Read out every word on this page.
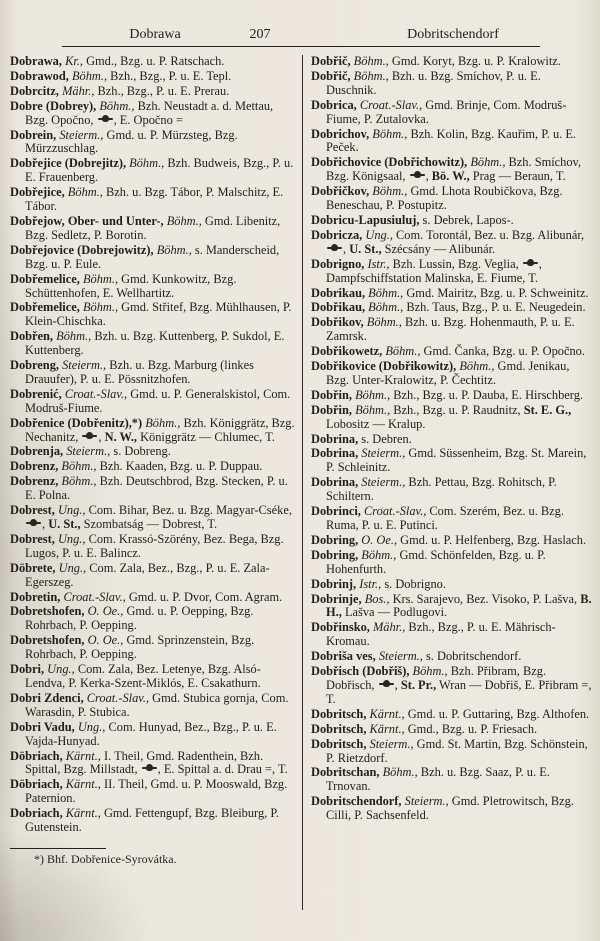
Dobrawa	207	Dobritschendorf
Dobrawa, Kr., Gmd., Bzg. u. P. Ratschach.
Dobrawod, Böhm., Bzh., Bzg., P. u. E. Tepl.
Dobrcitz, Mähr., Bzh., Bzg., P. u. E. Prerau.
Dobre (Dobrey), Böhm., Bzh. Neustadt a. d. Mettau, Bzg. Opočno, , E. Opočno =
Dobrein, Steierm., Gmd. u. P. Mürzsteg, Bzg. Mürzzuschlag.
Dobřejice (Dobrejitz), Böhm., Bzh. Budweis, Bzg., P. u. E. Frauenberg.
Dobřejice, Böhm., Bzh. u. Bzg. Tábor, P. Malschitz, E. Tábor.
Dobřejow, Ober- und Unter-, Böhm., Gmd. Libenitz, Bzg. Sedletz, P. Borotin.
Dobřejovice (Dobrejowitz), Böhm., s. Manderscheid, Bzg. u. P. Eule.
Dobřemelice, Böhm., Gmd. Kunkowitz, Bzg. Schüttenhofen, E. Wellhartitz.
Dobřemelice, Böhm., Gmd. Střitef, Bzg. Mühlhausen, P. Klein-Chischka.
Dobřen, Böhm., Bzh. u. Bzg. Kuttenberg, P. Sukdol, E. Kuttenberg.
Dobreng, Steierm., Bzh. u. Bzg. Marburg (linkes Drauufer), P. u. E. Pössnitzhofen.
Dobrenić, Croat.-Slav., Gmd. u. P. Generalskistol, Com. Modruš-Fiume.
Dobřenice (Dobřenitz),*) Böhm., Bzh. Königgrätz, Bzg. Nechanitz, , N. W., Königgrätz — Chlumec, T.
Dobrenja, Steierm., s. Dobreng.
Dobrenz, Böhm., Bzh. Kaaden, Bzg. u. P. Duppau.
Dobrenz, Böhm., Bzh. Deutschbrod, Bzg. Stecken, P. u. E. Polna.
Dobrest, Ung., Com. Bihar, Bez. u. Bzg. Magyar-Cséke, , U. St., Szombatság — Dobrest, T.
Dobrest, Ung., Com. Krassó-Szörény, Bez. Bega, Bzg. Lugos, P. u. E. Balincz.
Döbrete, Ung., Com. Zala, Bez., Bzg., P. u. E. Zala-Egerszeg.
Dobretin, Croat.-Slav., Gmd. u. P. Dvor, Com. Agram.
Dobretshofen, O. Oe., Gmd. u. P. Oepping, Bzg. Rohrbach, P. Oepping.
Dobretshofen, O. Oe., Gmd. Sprinzenstein, Bzg. Rohrbach, P. Oepping.
Dobri, Ung., Com. Zala, Bez. Letenye, Bzg. Alsó-Lendva, P. Kerka-Szent-Miklós, E. Csakathurn.
Dobri Zdenci, Croat.-Slav., Gmd. Stubica gornja, Com. Warasdin, P. Stubica.
Dobri Vadu, Ung., Com. Hunyad, Bez., Bzg., P. u. E. Vajda-Hunyad.
Döbriach, Kärnt., I. Theil, Gmd. Radenthein, Bzh. Spittal, Bzg. Millstadt, , E. Spittal a. d. Drau =, T.
Döbriach, Kärnt., II. Theil, Gmd. u. P. Mooswald, Bzg. Paternion.
Dobriach, Kärnt., Gmd. Fettengupf, Bzg. Bleiburg, P. Gutenstein.
*) Bhf. Dobřenice-Syrovátka.
Dobřič, Böhm., Gmd. Koryt, Bzg. u. P. Kralowitz.
Dobřič, Böhm., Bzh. u. Bzg. Smíchov, P. u. E. Duschnik.
Dobrica, Croat.-Slav., Gmd. Brinje, Com. Modruš-Fiume, P. Zutalovka.
Dobrichov, Böhm., Bzh. Kolin, Bzg. Kauřim, P. u. E. Peček.
Dobřichovice (Dobřichowitz), Böhm., Bzh. Smíchov, Bzg. Königsaal, , Bö. W., Prag — Beraun, T.
Dobřičkov, Böhm., Gmd. Lhota Roubičkova, Bzg. Beneschau, P. Postupitz.
Dobricu-Lapusiuluj, s. Debrek, Lapos-.
Dobricza, Ung., Com. Torontál, Bez. u. Bzg. Alibunár, , U. St., Szécsány — Alibunár.
Dobrigno, Istr., Bzh. Lussin, Bzg. Veglia, , Dampfschiffstation Malinska, E. Fiume, T.
Dobrikau, Böhm., Gmd. Mairitz, Bzg. u. P. Schweinitz.
Dobřikau, Böhm., Bzh. Taus, Bzg., P. u. E. Neugedein.
Dobřikov, Böhm., Bzh. u. Bzg. Hohenmauth, P. u. E. Zamrsk.
Dobřikowetz, Böhm., Gmd. Čanka, Bzg. u. P. Opočno.
Dobřikovice (Dobřikowitz), Böhm., Gmd. Jenikau, Bzg. Unter-Kralowitz, P. Čechtitz.
Dobřin, Böhm., Bzh., Bzg. u. P. Dauba, E. Hirschberg.
Dobřin, Böhm., Bzh., Bzg. u. P. Raudnitz, St. E. G., Lobositz — Kralup.
Dobrina, s. Debren.
Dobrina, Steierm., Gmd. Süssenheim, Bzg. St. Marein, P. Schleinitz.
Dobrina, Steierm., Bzh. Pettau, Bzg. Rohitsch, P. Schiltern.
Dobrinci, Croat.-Slav., Com. Szerém, Bez. u. Bzg. Ruma, P. u. E. Putinci.
Dobring, O. Oe., Gmd. u. P. Helfenberg, Bzg. Haslach.
Dobring, Böhm., Gmd. Schönfelden, Bzg. u. P. Hohenfurth.
Dobrinj, Istr., s. Dobrigno.
Dobrinje, Bos., Krs. Sarajevo, Bez. Visoko, P. Lašva, B. H., Lašva — Podlugovi.
Dobřinsko, Mähr., Bzh., Bzg., P. u. E. Mährisch-Kromau.
Dobriša ves, Steierm., s. Dobritschendorf.
Dobřisch (Dobřiš), Böhm., Bzh. Přibram, Bzg. Dobřisch, , St. Pr., Wran — Dobřiš, E. Přibram =, T.
Dobritsch, Kärnt., Gmd. u. P. Guttaring, Bzg. Althofen.
Dobritsch, Kärnt., Gmd., Bzg. u. P. Friesach.
Dobritsch, Steierm., Gmd. St. Martin, Bzg. Schönstein, P. Rietzdorf.
Dobritschan, Böhm., Bzh. u. Bzg. Saaz, P. u. E. Trnovan.
Dobritschendorf, Steierm., Gmd. Pletrowitsch, Bzg. Cilli, P. Sachsenfeld.
